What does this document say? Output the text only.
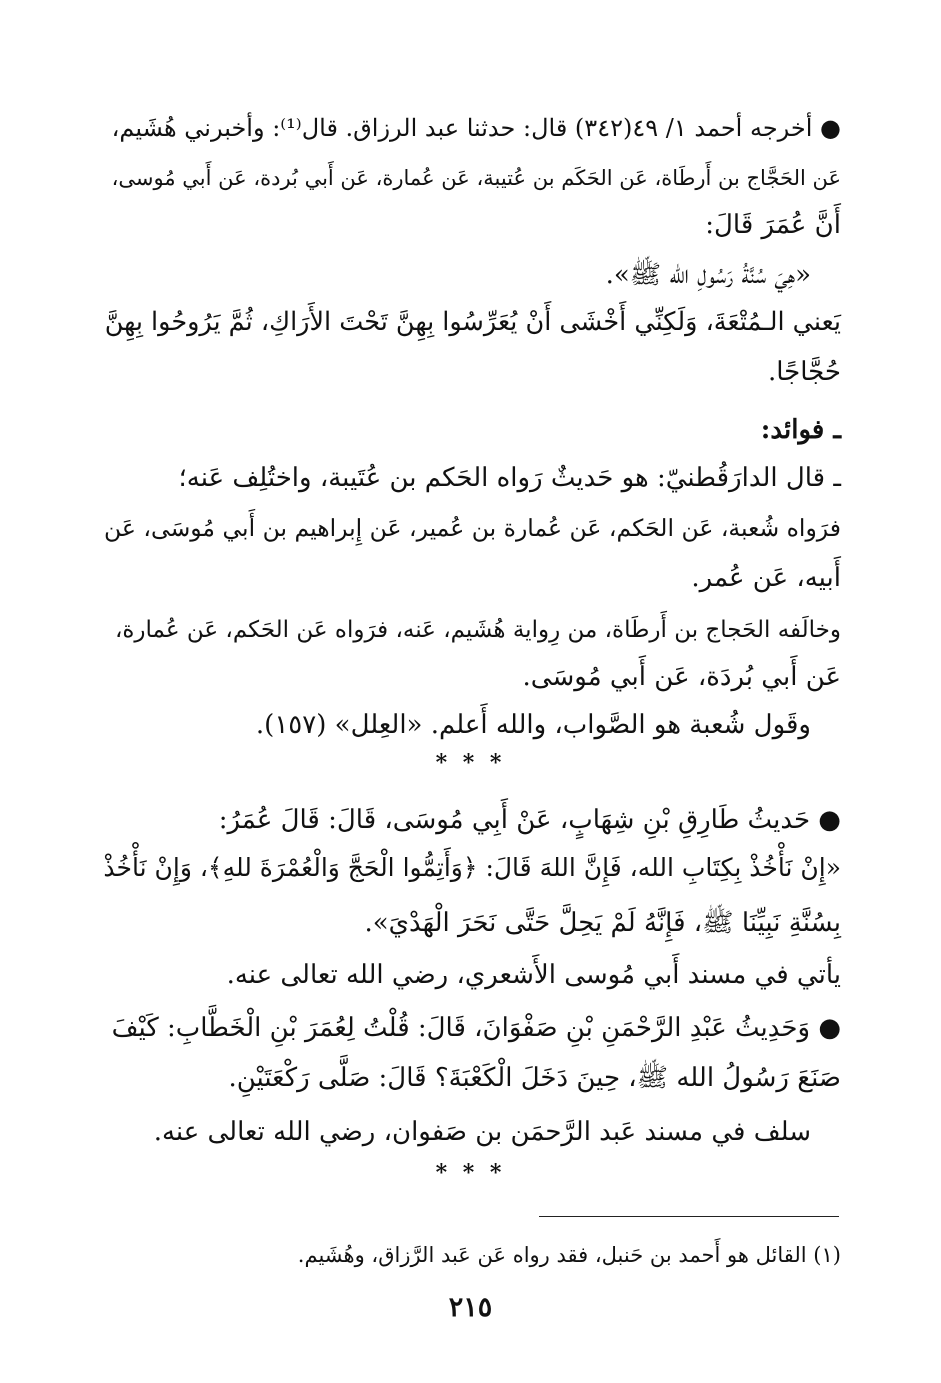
● أخرجه أحمد ١/ ٤٩(٣٤٢) قال: حدثنا عبد الرزاق. قال⁽¹⁾: وأخبرني هُشَيم،
عَن الحَجَّاج بن أَرطَاة، عَن الحَكَم بن عُتيبة، عَن عُمارة، عَن أَبي بُردة، عَن أَبي مُوسى،
أَنَّ عُمَرَ قَالَ:
«هِيَ سُنَّةُ رَسُولِ الله ﷺ».
يَعني الـمُتْعَةَ، وَلَكِنِّي أَخْشَى أَنْ يُعَرِّسُوا بِهِنَّ تَحْتَ الأَرَاكِ، ثُمَّ يَرُوحُوا بِهِنَّ
حُجَّاجًا.
ـ فوائد:
ـ قال الدارَقُطنيّ: هو حَديثٌ رَواه الحَكم بن عُتَيبة، واختُلِف عَنه؛
فرَواه شُعبة، عَن الحَكم، عَن عُمارة بن عُمير، عَن إِبراهيم بن أَبي مُوسَى، عَن
أَبيه، عَن عُمر.
وخالَفه الحَجاج بن أَرطَاة، من رِواية هُشَيم، عَنه، فرَواه عَن الحَكم، عَن عُمارة،
عَن أَبي بُردَة، عَن أَبي مُوسَى.
وقَول شُعبة هو الصَّواب، والله أَعلم. «العِلل» (١٥٧).
* * *
● حَديثُ طَارِقِ بْنِ شِهَابٍ، عَنْ أَبِي مُوسَى، قَالَ: قَالَ عُمَرُ:
«إِنْ نَأْخُذْ بِكِتَابِ الله، فَإِنَّ اللهَ قَالَ: ﴿وَأَتِمُّوا الْحَجَّ وَالْعُمْرَةَ للهِ﴾، وَإِنْ نَأْخُذْ
بِسُنَّةِ نَبِيِّنَا ﷺ، فَإِنَّهُ لَمْ يَحِلَّ حَتَّى نَحَرَ الْهَدْيَ».
يأتي في مسند أَبي مُوسى الأَشعري، رضي الله تعالى عنه.
● وَحَدِيثُ عَبْدِ الرَّحْمَنِ بْنِ صَفْوَانَ، قَالَ: قُلْتُ لِعُمَرَ بْنِ الْخَطَّابِ: كَيْفَ
صَنَعَ رَسُولُ الله ﷺ، حِينَ دَخَلَ الْكَعْبَةَ؟ قَالَ: صَلَّى رَكْعَتَيْنِ.
سلف في مسند عَبد الرَّحمَن بن صَفوان، رضي الله تعالى عنه.
* * *
(١) القائل هو أَحمد بن حَنبل، فقد رواه عَن عَبد الرَّزاق، وهُشَيم.
٢١٥
